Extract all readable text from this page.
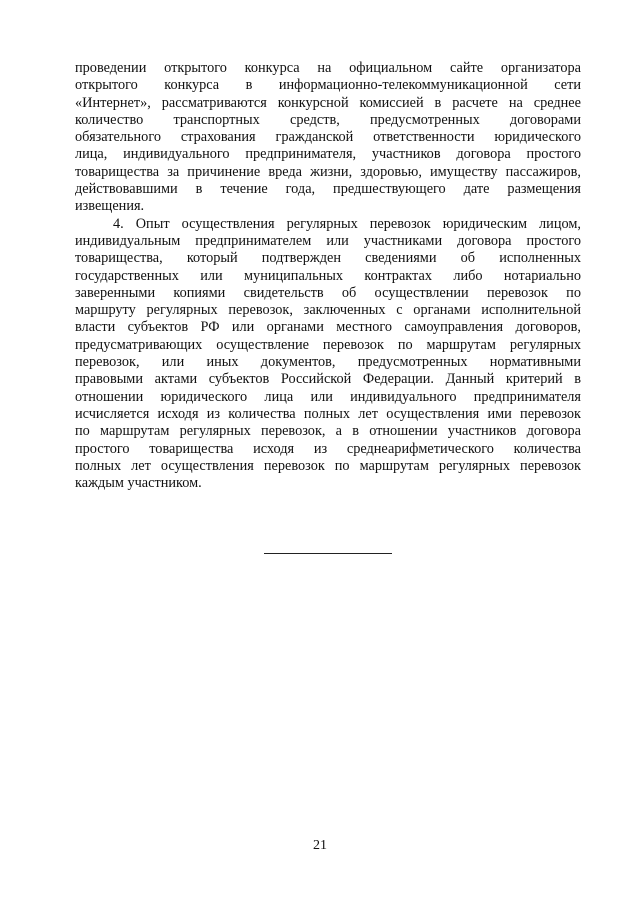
проведении открытого конкурса на официальном сайте организатора
открытого конкурса в информационно-телекоммуникационной сети
«Интернет», рассматриваются конкурсной комиссией в расчете на среднее
количество транспортных средств, предусмотренных договорами
обязательного страхования гражданской ответственности юридического
лица, индивидуального предпринимателя, участников договора простого
товарищества за причинение вреда жизни, здоровью, имуществу пассажиров,
действовавшими в течение года, предшествующего дате размещения
извещения.
4. Опыт осуществления регулярных перевозок юридическим лицом,
индивидуальным предпринимателем или участниками договора простого
товарищества, который подтвержден сведениями об исполненных
государственных или муниципальных контрактах либо нотариально
заверенными копиями свидетельств об осуществлении перевозок по
маршруту регулярных перевозок, заключенных с органами исполнительной
власти субъектов РФ или органами местного самоуправления договоров,
предусматривающих осуществление перевозок по маршрутам регулярных
перевозок, или иных документов, предусмотренных нормативными
правовыми актами субъектов Российской Федерации. Данный критерий в
отношении юридического лица или индивидуального предпринимателя
исчисляется исходя из количества полных лет осуществления ими перевозок
по маршрутам регулярных перевозок, а в отношении участников договора
простого товарищества исходя из среднеарифметического количества
полных лет осуществления перевозок по маршрутам регулярных перевозок
каждым участником.
21
